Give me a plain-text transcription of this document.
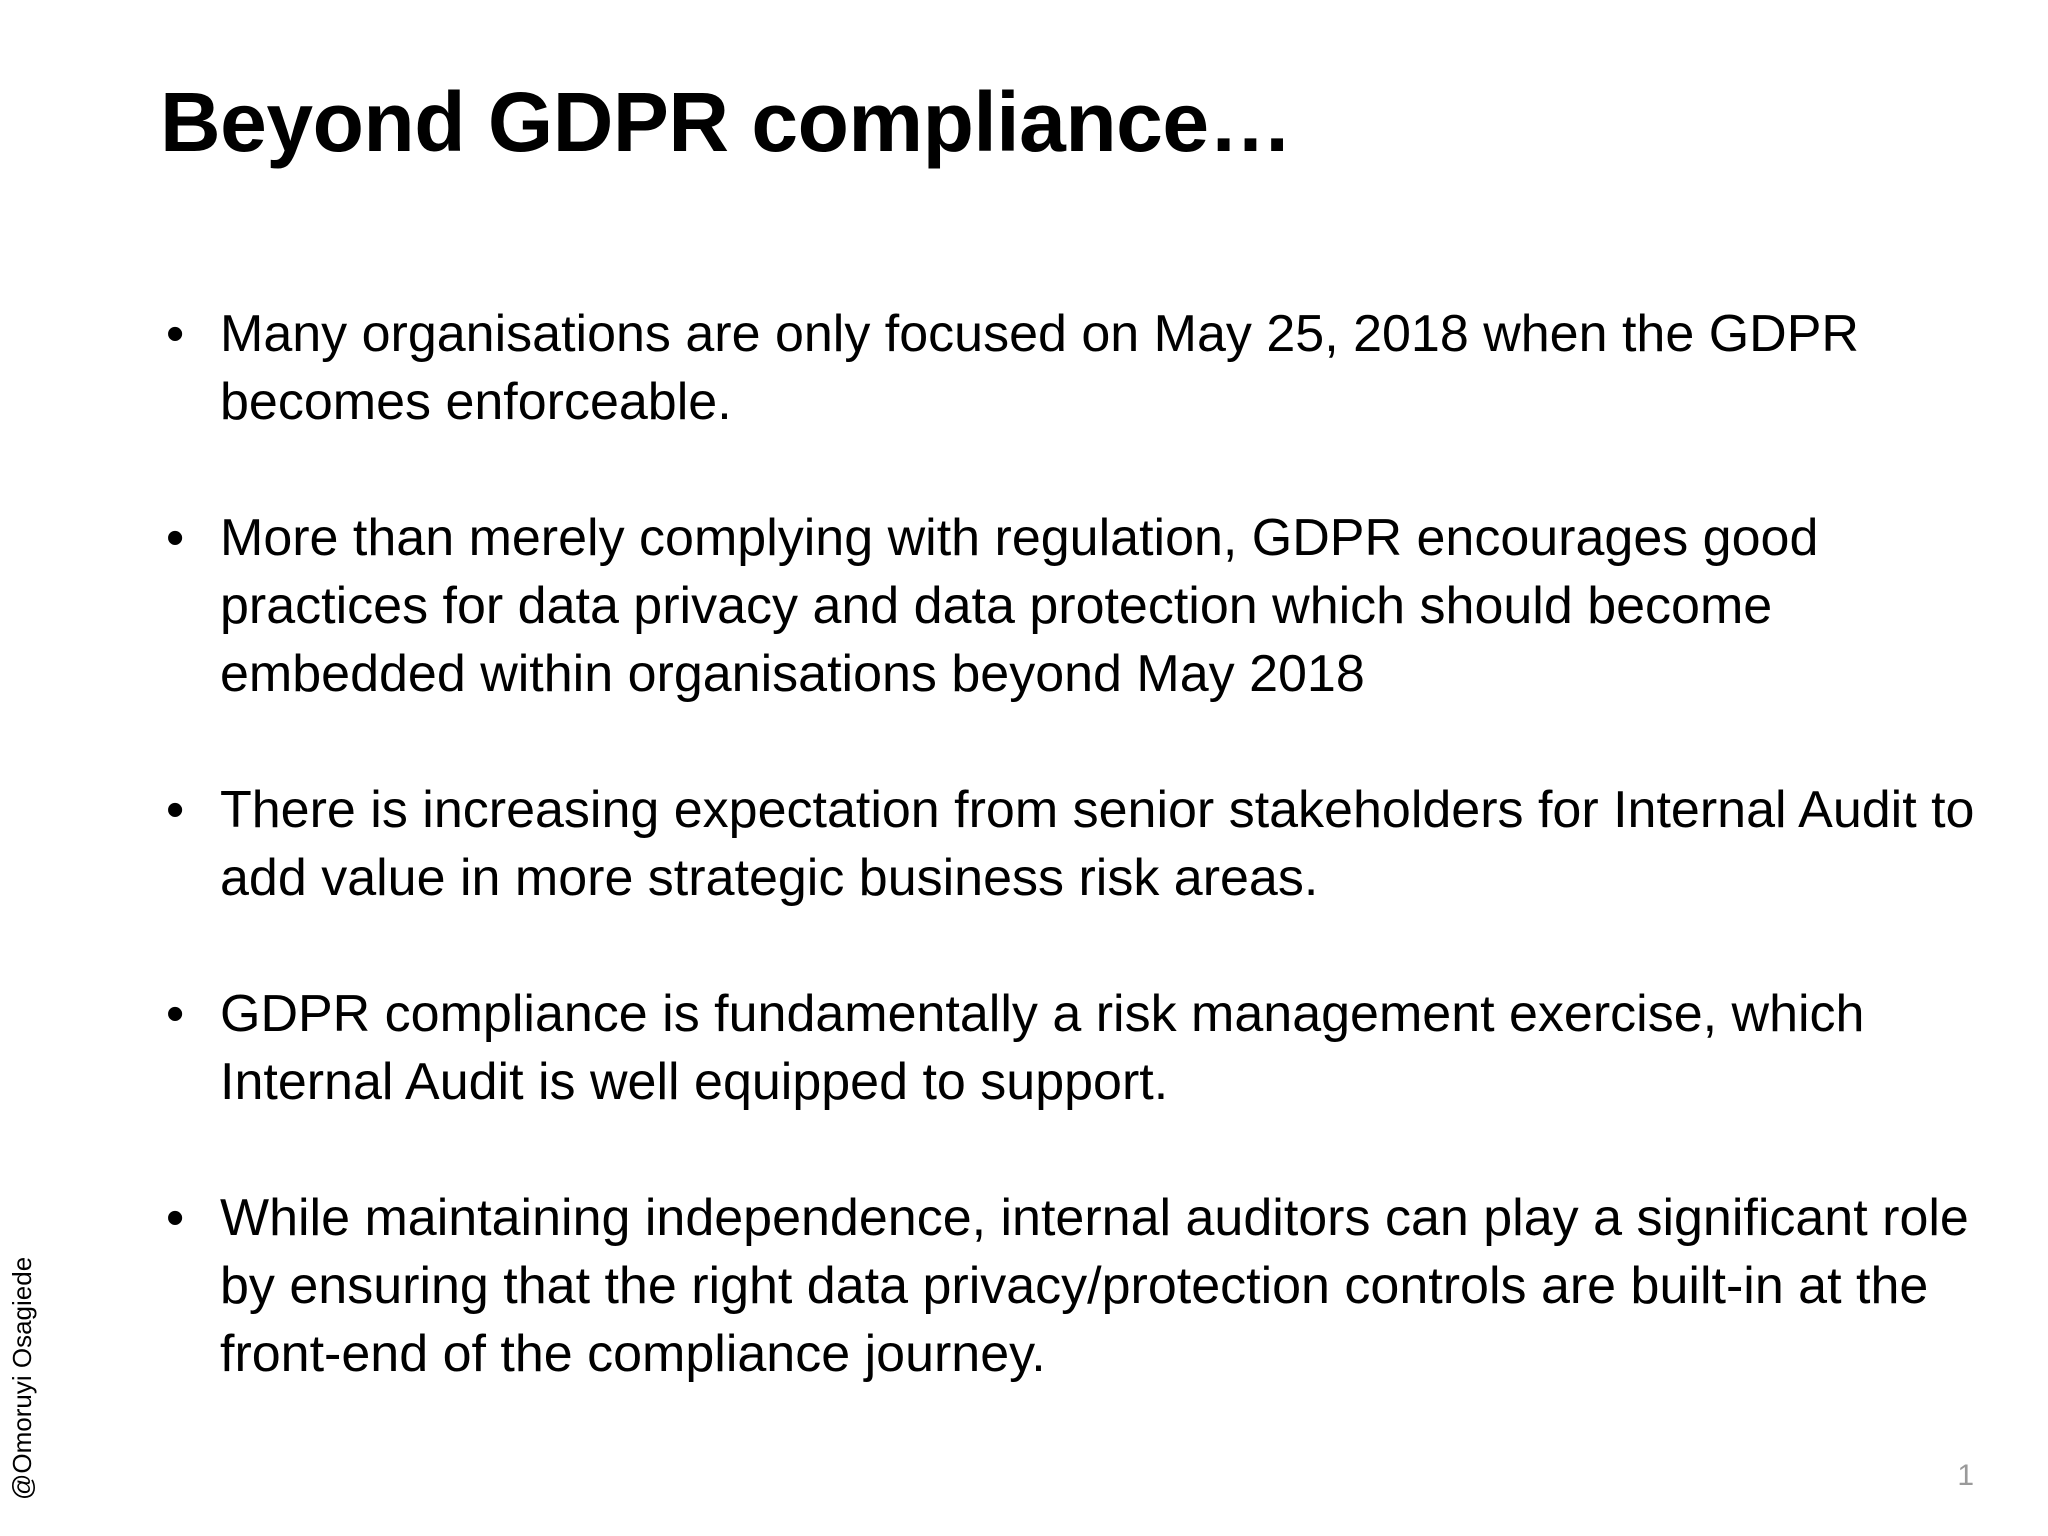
Beyond GDPR compliance…
• Many organisations are only focused on May 25, 2018 when the GDPR becomes enforceable.
• More than merely complying with regulation, GDPR encourages good practices for data privacy and data protection which should become embedded within organisations beyond May 2018
• There is increasing expectation from senior stakeholders for Internal Audit to add value in more strategic business risk areas.
• GDPR compliance is fundamentally a risk management exercise, which Internal Audit is well equipped to support.
• While maintaining independence, internal auditors can play a significant role by ensuring that the right data privacy/protection controls are built-in at the front-end of the compliance journey.
@Omoruyi Osagiede	1
